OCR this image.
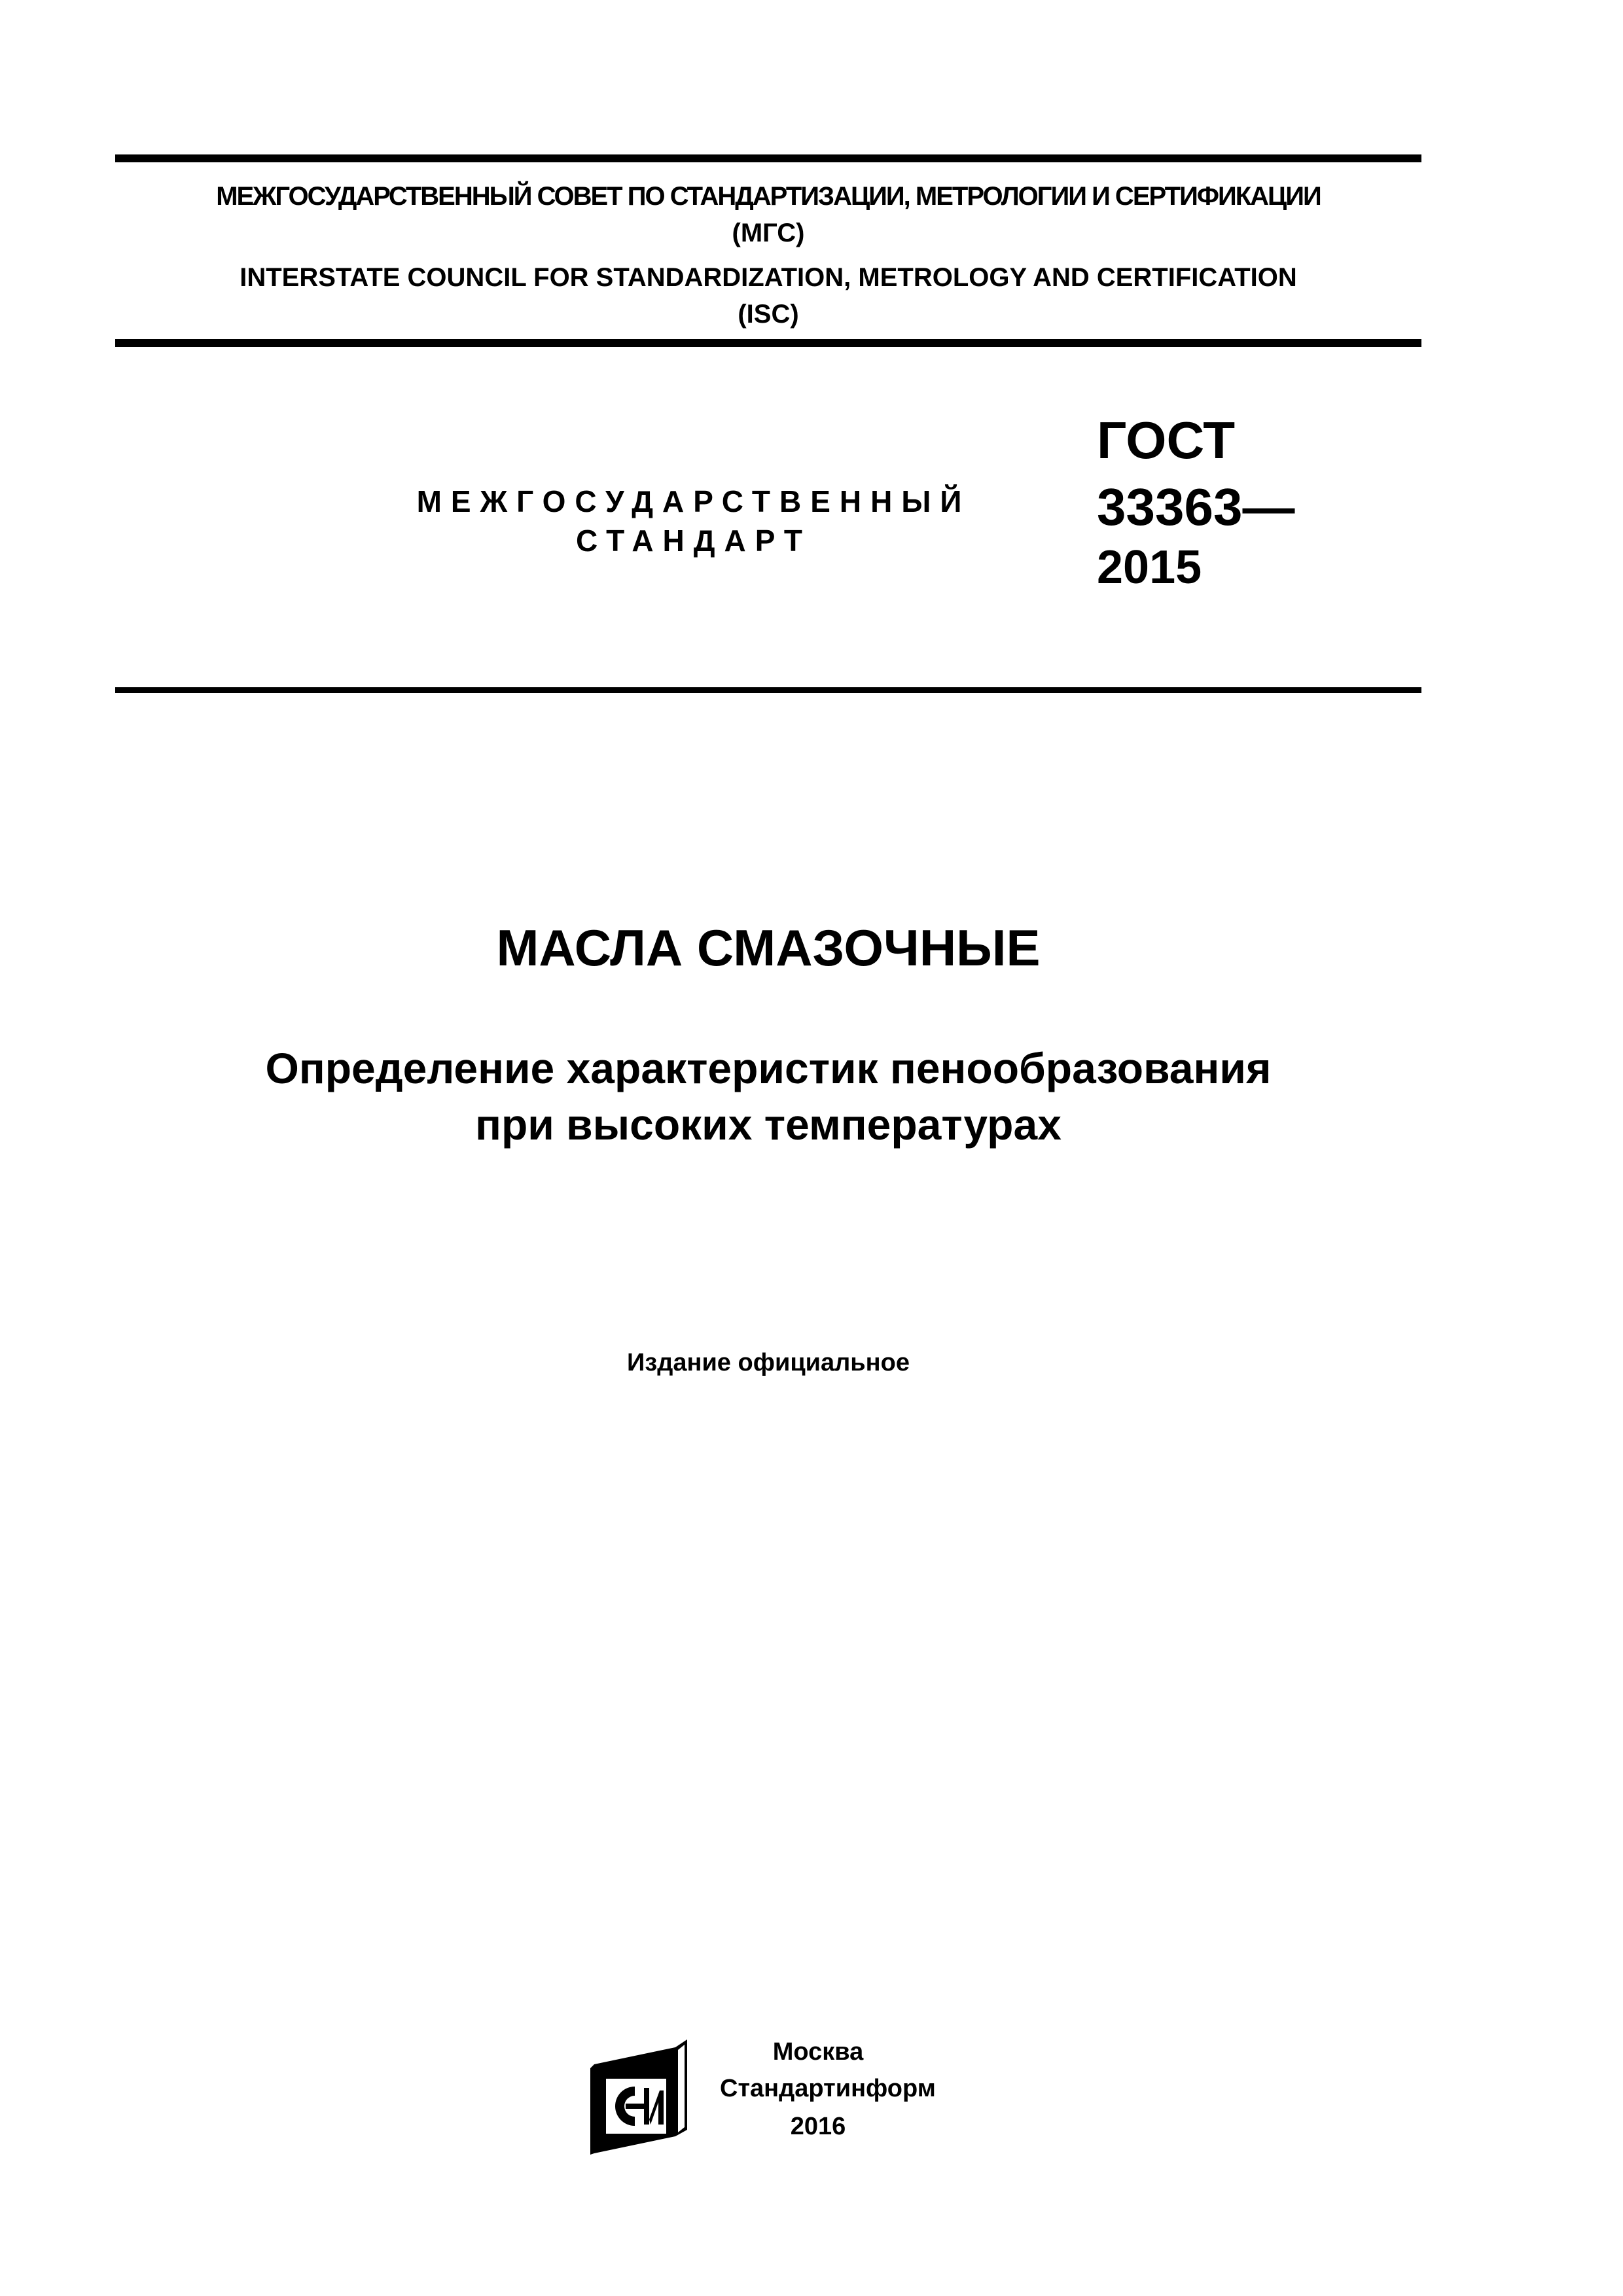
МЕЖГОСУДАРСТВЕННЫЙ СОВЕТ ПО СТАНДАРТИЗАЦИИ, МЕТРОЛОГИИ И СЕРТИФИКАЦИИ
(МГС)
INTERSTATE COUNCIL FOR STANDARDIZATION, METROLOGY AND CERTIFICATION
(ISC)
МЕЖГОСУДАРСТВЕННЫЙ
СТАНДАРТ
ГОСТ
33363—
2015
МАСЛА СМАЗОЧНЫЕ
Определение характеристик пенообразования
при высоких температурах
Издание официальное
Москва
Стандартинформ
2016
